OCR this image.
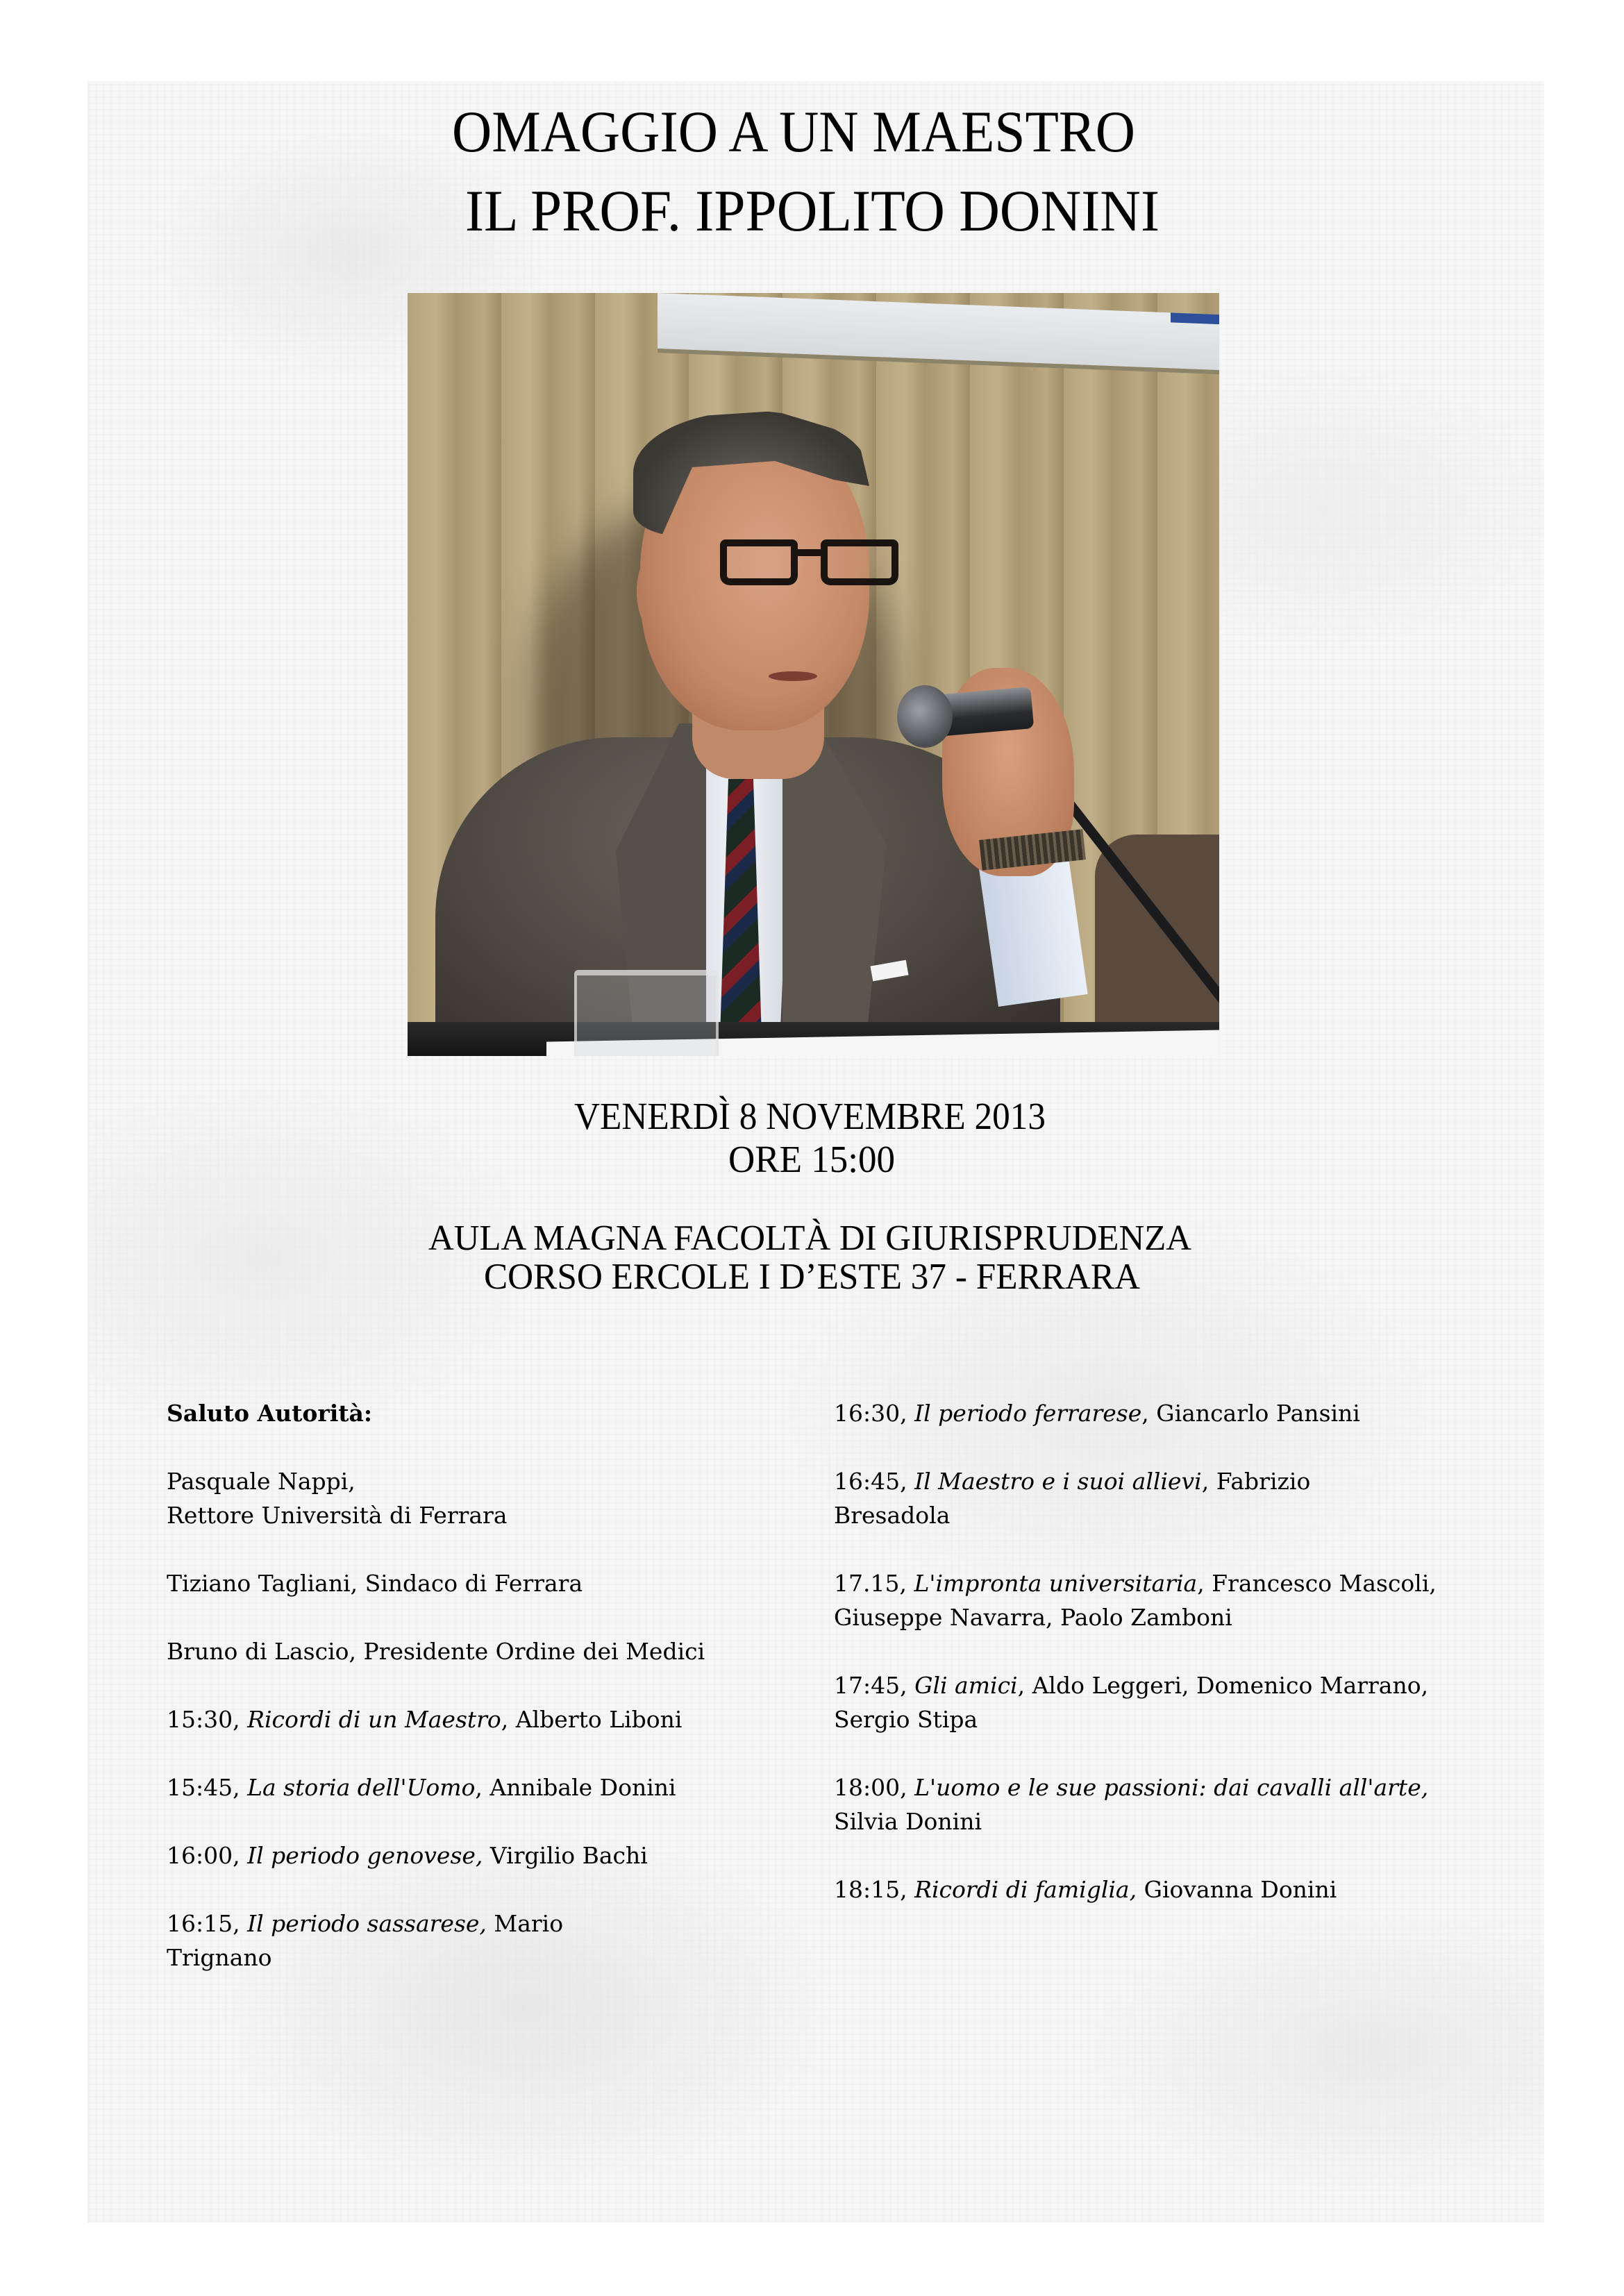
OMAGGIO A UN MAESTRO
IL PROF. IPPOLITO DONINI
VENERDÌ 8 NOVEMBRE 2013
ORE 15:00
AULA MAGNA FACOLTÀ DI GIURISPRUDENZA
CORSO ERCOLE I D’ESTE 37 - FERRARA
Saluto Autorità:
Pasquale Nappi,
Rettore Università di Ferrara
Tiziano Tagliani, Sindaco di Ferrara
Bruno di Lascio, Presidente Ordine dei Medici
15:30, Ricordi di un Maestro, Alberto Liboni
15:45, La storia dell'Uomo, Annibale Donini
16:00, Il periodo genovese, Virgilio Bachi
16:15, Il periodo sassarese, Mario Trignano
16:30, Il periodo ferrarese, Giancarlo Pansini
16:45, Il Maestro e i suoi allievi, Fabrizio Bresadola
17.15, L'impronta universitaria, Francesco Mascoli, Giuseppe Navarra, Paolo Zamboni
17:45, Gli amici, Aldo Leggeri, Domenico Marrano, Sergio Stipa
18:00, L'uomo e le sue passioni: dai cavalli all'arte, Silvia Donini
18:15, Ricordi di famiglia, Giovanna Donini
